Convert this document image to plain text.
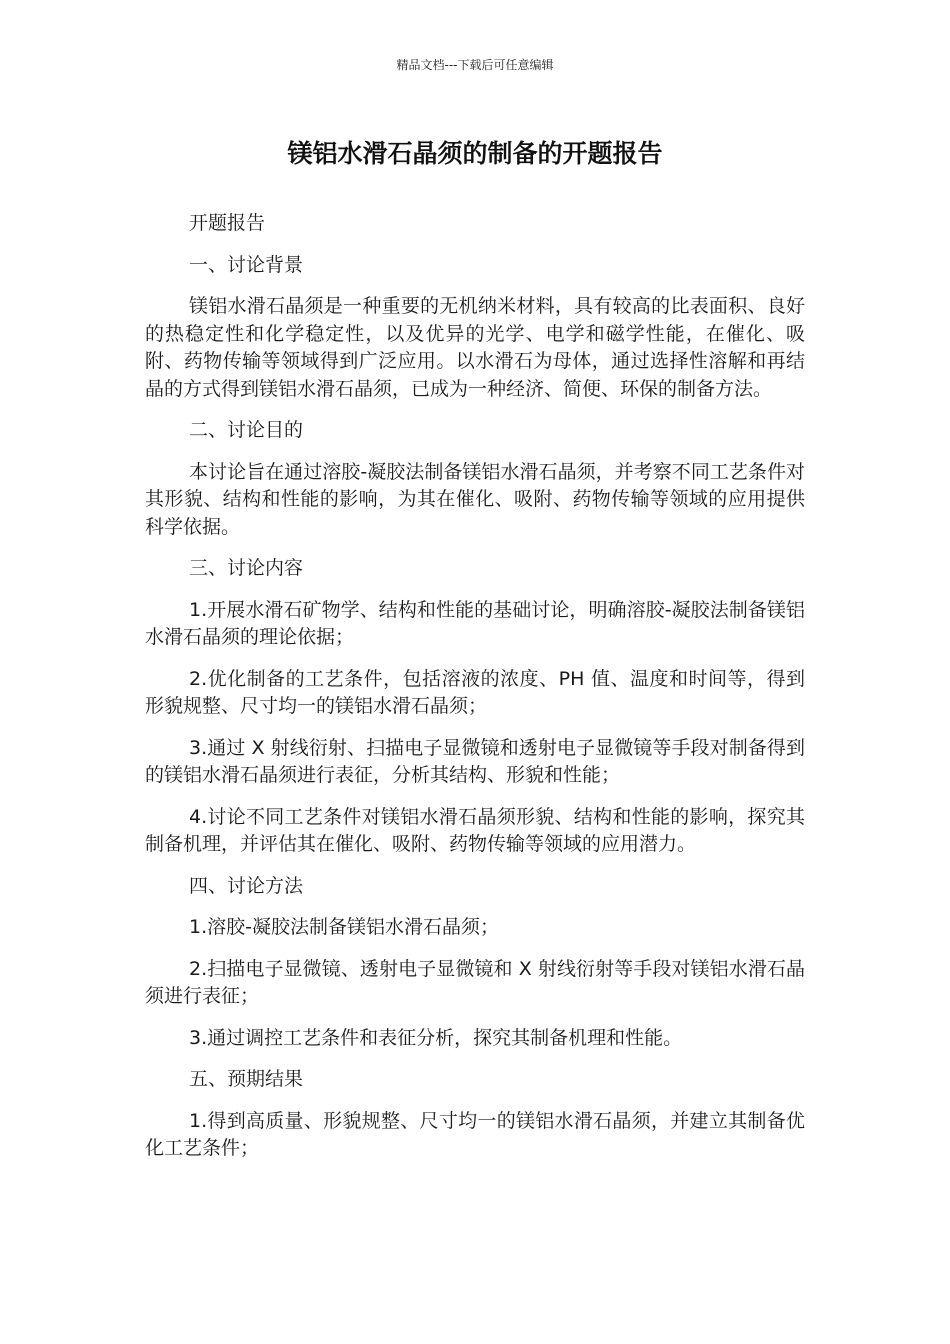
精品文档---下载后可任意编辑
镁铝水滑石晶须的制备的开题报告

开题报告

一、讨论背景

镁铝水滑石晶须是一种重要的无机纳米材料，具有较高的比表面积、良好的热稳定性和化学稳定性，以及优异的光学、电学和磁学性能，在催化、吸附、药物传输等领域得到广泛应用。以水滑石为母体，通过选择性溶解和再结晶的方式得到镁铝水滑石晶须，已成为一种经济、简便、环保的制备方法。

二、讨论目的

本讨论旨在通过溶胶-凝胶法制备镁铝水滑石晶须，并考察不同工艺条件对其形貌、结构和性能的影响，为其在催化、吸附、药物传输等领域的应用提供科学依据。

三、讨论内容

1.开展水滑石矿物学、结构和性能的基础讨论，明确溶胶-凝胶法制备镁铝水滑石晶须的理论依据；

2.优化制备的工艺条件，包括溶液的浓度、PH 值、温度和时间等，得到形貌规整、尺寸均一的镁铝水滑石晶须；

3.通过 X 射线衍射、扫描电子显微镜和透射电子显微镜等手段对制备得到的镁铝水滑石晶须进行表征，分析其结构、形貌和性能；

4.讨论不同工艺条件对镁铝水滑石晶须形貌、结构和性能的影响，探究其制备机理，并评估其在催化、吸附、药物传输等领域的应用潜力。

四、讨论方法

1.溶胶-凝胶法制备镁铝水滑石晶须；

2.扫描电子显微镜、透射电子显微镜和 X 射线衍射等手段对镁铝水滑石晶须进行表征；

3.通过调控工艺条件和表征分析，探究其制备机理和性能。

五、预期结果

1.得到高质量、形貌规整、尺寸均一的镁铝水滑石晶须，并建立其制备优化工艺条件；
